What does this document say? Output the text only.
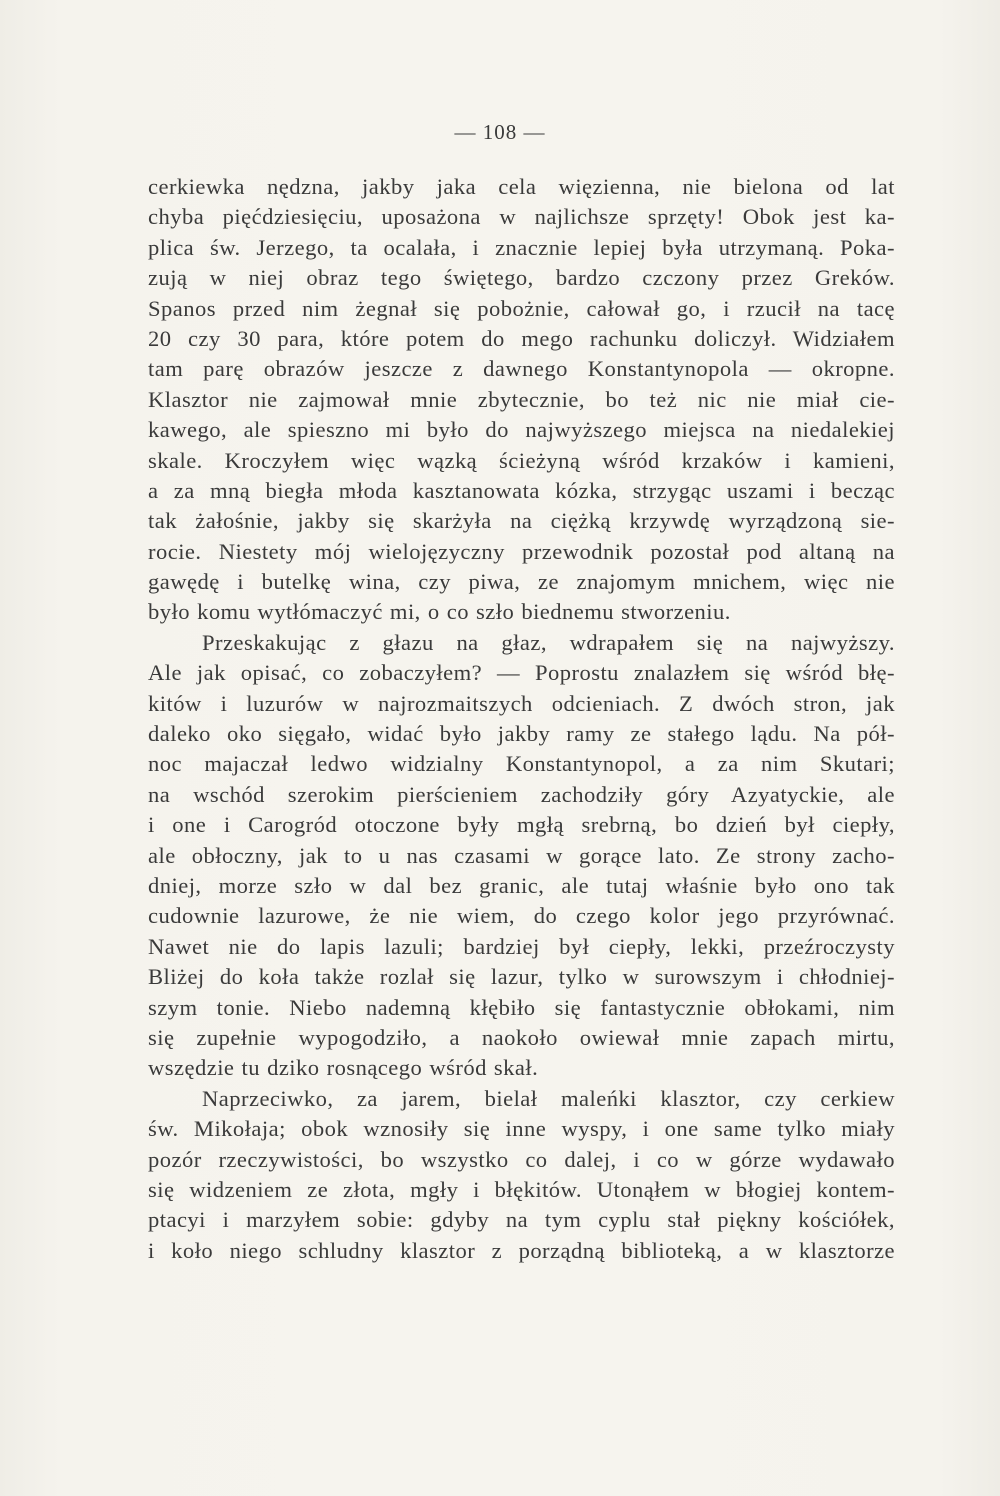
— 108 —
cerkiewka nędzna, jakby jaka cela więzienna, nie bielona od lat
chyba pięćdziesięciu, uposażona w najlichsze sprzęty! Obok jest ka-
plica św. Jerzego, ta ocalała, i znacznie lepiej była utrzymaną. Poka-
zują w niej obraz tego świętego, bardzo czczony przez Greków.
Spanos przed nim żegnał się pobożnie, całował go, i rzucił na tacę
20 czy 30 para, które potem do mego rachunku doliczył. Widziałem
tam parę obrazów jeszcze z dawnego Konstantynopola — okropne.
Klasztor nie zajmował mnie zbytecznie, bo też nic nie miał cie-
kawego, ale spieszno mi było do najwyższego miejsca na niedalekiej
skale. Kroczyłem więc wązką ścieżyną wśród krzaków i kamieni,
a za mną biegła młoda kasztanowata kózka, strzygąc uszami i becząc
tak żałośnie, jakby się skarżyła na ciężką krzywdę wyrządzoną sie-
rocie. Niestety mój wielojęzyczny przewodnik pozostał pod altaną na
gawędę i butelkę wina, czy piwa, ze znajomym mnichem, więc nie
było komu wytłómaczyć mi, o co szło biednemu stworzeniu.
Przeskakując z głazu na głaz, wdrapałem się na najwyższy.
Ale jak opisać, co zobaczyłem? — Poprostu znalazłem się wśród błę-
kitów i luzurów w najrozmaitszych odcieniach. Z dwóch stron, jak
daleko oko sięgało, widać było jakby ramy ze stałego lądu. Na pół-
noc majaczał ledwo widzialny Konstantynopol, a za nim Skutari;
na wschód szerokim pierścieniem zachodziły góry Azyatyckie, ale
i one i Carogród otoczone były mgłą srebrną, bo dzień był ciepły,
ale obłoczny, jak to u nas czasami w gorące lato. Ze strony zacho-
dniej, morze szło w dal bez granic, ale tutaj właśnie było ono tak
cudownie lazurowe, że nie wiem, do czego kolor jego przyrównać.
Nawet nie do lapis lazuli; bardziej był ciepły, lekki, przeźroczysty
Bliżej do koła także rozlał się lazur, tylko w surowszym i chłodniej-
szym tonie. Niebo nademną kłębiło się fantastycznie obłokami, nim
się zupełnie wypogodziło, a naokoło owiewał mnie zapach mirtu,
wszędzie tu dziko rosnącego wśród skał.
Naprzeciwko, za jarem, bielał maleńki klasztor, czy cerkiew
św. Mikołaja; obok wznosiły się inne wyspy, i one same tylko miały
pozór rzeczywistości, bo wszystko co dalej, i co w górze wydawało
się widzeniem ze złota, mgły i błękitów. Utonąłem w błogiej kontem-
ptacyi i marzyłem sobie: gdyby na tym cyplu stał piękny kościółek,
i koło niego schludny klasztor z porządną biblioteką, a w klasztorze
